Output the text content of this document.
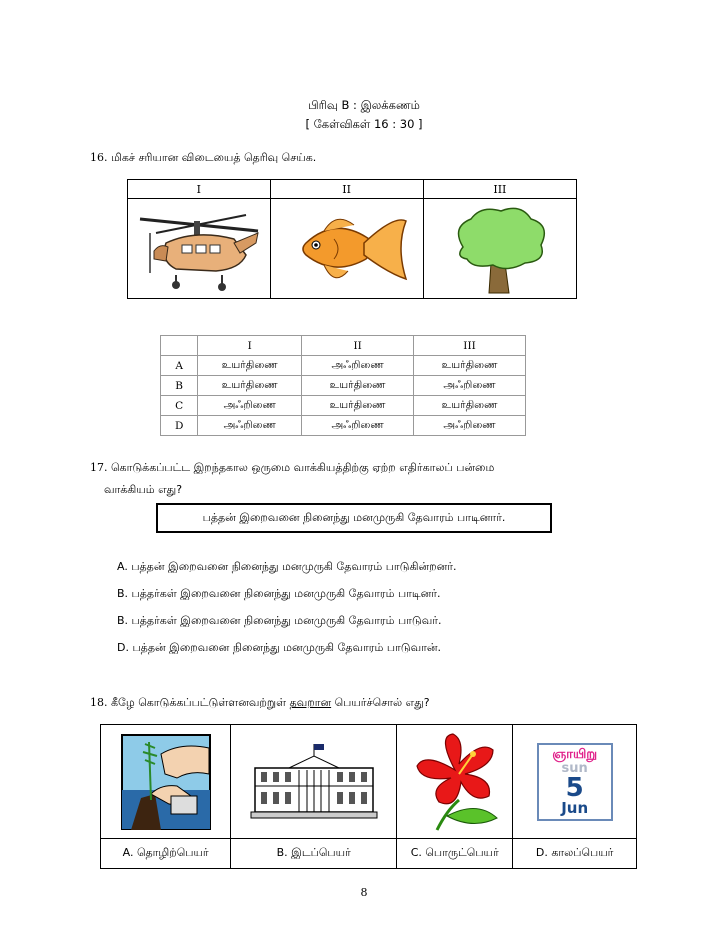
பிரிவு B : இலக்கணம்
[ கேள்விகள் 16 : 30 ]
16. மிகச் சரியான விடையைத் தெரிவு செய்க.
I	II	III

	I	II	III
A	உயர்திணை	அஃறிணை	உயர்திணை
B	உயர்திணை	உயர்திணை	அஃறிணை
C	அஃறிணை	உயர்திணை	உயர்திணை
D	அஃறிணை	அஃறிணை	அஃறிணை
17. கொடுக்கப்பட்ட இறந்தகால ஒருமை வாக்கியத்திற்கு ஏற்ற எதிர்காலப் பன்மை
வாக்கியம் எது?
பத்தன் இறைவனை நினைந்து மனமுருகி தேவாரம் பாடினார்.
A. பத்தன் இறைவனை நினைந்து மனமுருகி தேவாரம் பாடுகின்றனர்.
B. பத்தர்கள் இறைவனை நினைந்து மனமுருகி தேவாரம் பாடினர்.
B. பத்தர்கள் இறைவனை நினைந்து மனமுருகி தேவாரம் பாடுவர்.
D. பத்தன் இறைவனை நினைந்து மனமுருகி தேவாரம் பாடுவான்.
18. கீழே கொடுக்கப்பட்டுள்ளனவற்றுள் தவறான பெயர்ச்சொல் எது?

ஞாயிறு
sun
5
Jun

A. தொழிற்பெயர்	B. இடப்பெயர்	C. பொருட்பெயர்	D. காலப்பெயர்
8
